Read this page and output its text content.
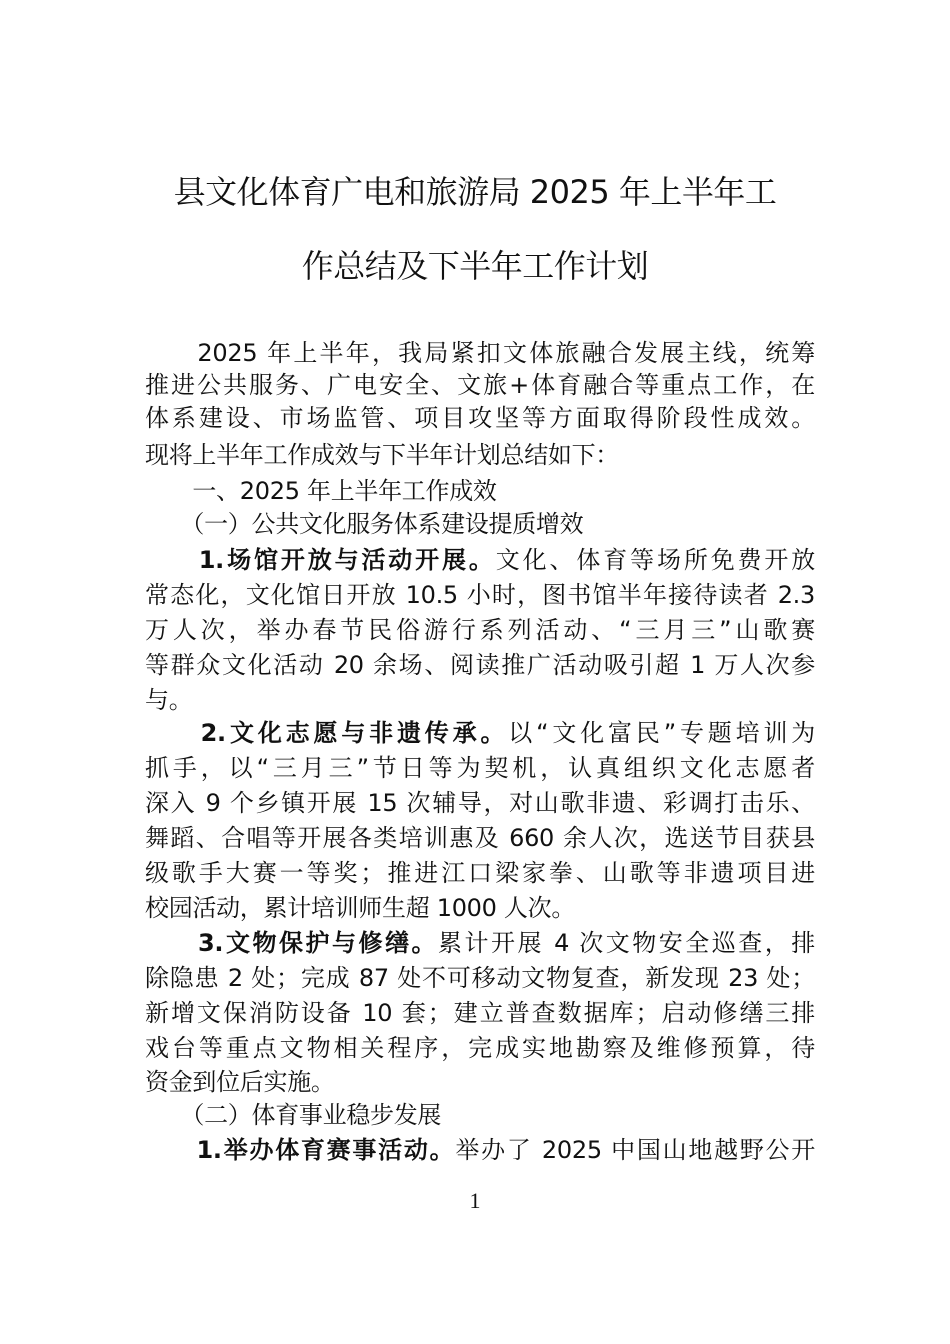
县文化体育广电和旅游局 2025 年上半年工
作总结及下半年工作计划
　　2025 年上半年，我局紧扣文体旅融合发展主线，统筹
推进公共服务、广电安全、文旅+体育融合等重点工作，在
体系建设、市场监管、项目攻坚等方面取得阶段性成效。
现将上半年工作成效与下半年计划总结如下：
　　一、2025 年上半年工作成效
　　（一）公共文化服务体系建设提质增效
　　1.场馆开放与活动开展。文化、体育等场所免费开放
常态化，文化馆日开放 10.5 小时，图书馆半年接待读者 2.3
万人次，举办春节民俗游行系列活动、“三月三”山歌赛
等群众文化活动 20 余场、阅读推广活动吸引超 1 万人次参
与。
　　2.文化志愿与非遗传承。以“文化富民”专题培训为
抓手，以“三月三”节日等为契机，认真组织文化志愿者
深入 9 个乡镇开展 15 次辅导，对山歌非遗、彩调打击乐、
舞蹈、合唱等开展各类培训惠及 660 余人次，选送节目获县
级歌手大赛一等奖；推进江口梁家拳、山歌等非遗项目进
校园活动，累计培训师生超 1000 人次。
　　3.文物保护与修缮。累计开展 4 次文物安全巡查，排
除隐患 2 处；完成 87 处不可移动文物复查，新发现 23 处；
新增文保消防设备 10 套；建立普查数据库；启动修缮三排
戏台等重点文物相关程序，完成实地勘察及维修预算，待
资金到位后实施。
　　（二）体育事业稳步发展
　　1.举办体育赛事活动。举办了 2025 中国山地越野公开
1
